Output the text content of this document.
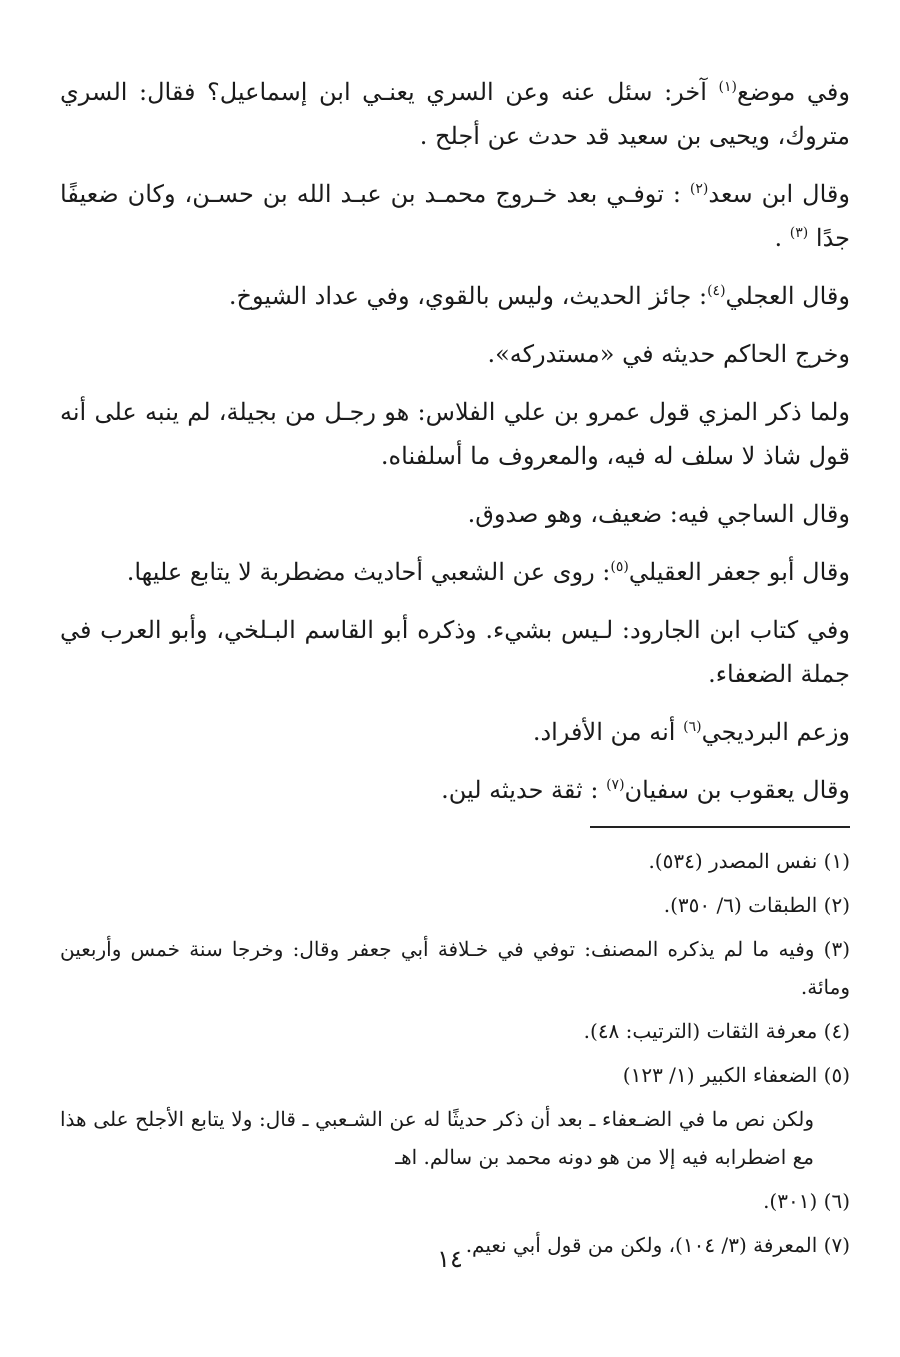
وفي موضع$^{(١)}$ آخر: سئل عنه وعن السري يعنـي ابن إسماعيل؟ فقال: السري متروك، ويحيى بن سعيد قد حدث عن أجلح .

وقال ابن سعد$^{(٢)}$ : توفـي بعد خـروج محمـد بن عبـد الله بن حسـن، وكان ضعيفًا جدًا $^{(٣)}$ .

وقال العجلي$^{(٤)}$: جائز الحديث، وليس بالقوي، وفي عداد الشيوخ.

وخرج الحاكم حديثه في «مستدركه».

ولما ذكر المزي قول عمرو بن علي الفلاس: هو رجـل من بجيلة، لم ينبه على أنه قول شاذ لا سلف له فيه، والمعروف ما أسلفناه.

وقال الساجي فيه: ضعيف، وهو صدوق.

وقال أبو جعفر العقيلي$^{(٥)}$: روى عن الشعبي أحاديث مضطربة لا يتابع عليها.

وفي كتاب ابن الجارود: لـيس بشيء. وذكره أبو القاسم البـلخي، وأبو العرب في جملة الضعفاء.

وزعم البرديجي$^{(٦)}$ أنه من الأفراد.

وقال يعقوب بن سفيان$^{(٧)}$ : ثقة حديثه لين.

(١) نفس المصدر (٥٣٤).

(٢) الطبقات (٦/ ٣٥٠).

(٣) وفيه ما لم يذكره المصنف: توفي في خـلافة أبي جعفر وقال: وخرجا سنة خمس وأربعين ومائة.

(٤) معرفة الثقات (الترتيب: ٤٨).

(٥) الضعفاء الكبير (١/ ١٢٣)

ولكن نص ما في الضـعفاء ـ بعد أن ذكر حديثًا له عن الشـعبي ـ قال: ولا يتابع الأجلح على هذا مع اضطرابه فيه إلا من هو دونه محمد بن سالم. اهـ

(٦) (٣٠١).

(٧) المعرفة (٣/ ١٠٤)، ولكن من قول أبي نعيم.

١٤
